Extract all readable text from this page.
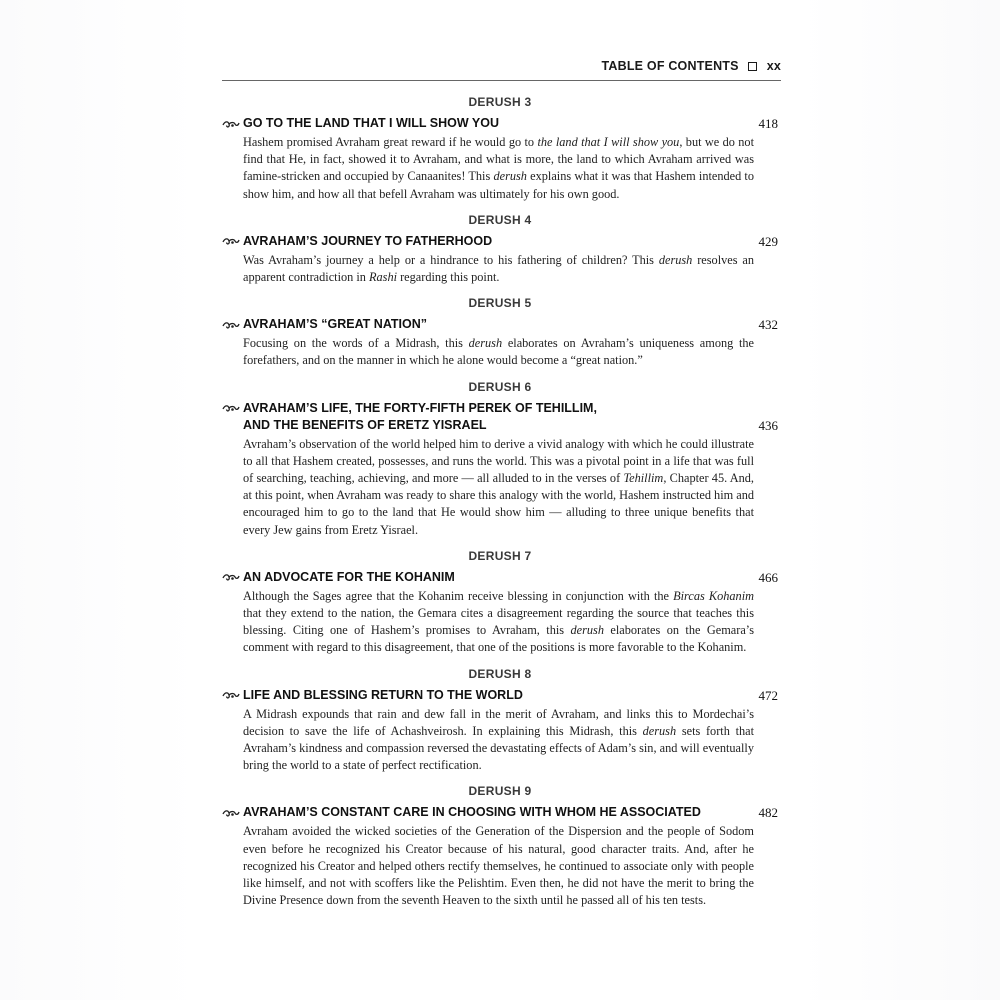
TABLE OF CONTENTS xx
DERUSH 3
GO TO THE LAND THAT I WILL SHOW YOU	418
Hashem promised Avraham great reward if he would go to the land that I will show you, but we do not find that He, in fact, showed it to Avraham, and what is more, the land to which Avraham arrived was famine-stricken and occupied by Canaanites! This derush explains what it was that Hashem intended to show him, and how all that befell Avraham was ultimately for his own good.
DERUSH 4
AVRAHAM’S JOURNEY TO FATHERHOOD	429
Was Avraham’s journey a help or a hindrance to his fathering of children? This derush resolves an apparent contradiction in Rashi regarding this point.
DERUSH 5
AVRAHAM’S “GREAT NATION”	432
Focusing on the words of a Midrash, this derush elaborates on Avraham’s uniqueness among the forefathers, and on the manner in which he alone would become a “great nation.”
DERUSH 6
AVRAHAM’S LIFE, THE FORTY-FIFTH PEREK OF TEHILLIM,
AND THE BENEFITS OF ERETZ YISRAEL	436
Avraham’s observation of the world helped him to derive a vivid analogy with which he could illustrate to all that Hashem created, possesses, and runs the world. This was a pivotal point in a life that was full of searching, teaching, achieving, and more — all alluded to in the verses of Tehillim, Chapter 45. And, at this point, when Avraham was ready to share this analogy with the world, Hashem instructed him and encouraged him to go to the land that He would show him — alluding to three unique benefits that every Jew gains from Eretz Yisrael.
DERUSH 7
AN ADVOCATE FOR THE KOHANIM	466
Although the Sages agree that the Kohanim receive blessing in conjunction with the Bircas Kohanim that they extend to the nation, the Gemara cites a disagreement regarding the source that teaches this blessing. Citing one of Hashem’s promises to Avraham, this derush elaborates on the Gemara’s comment with regard to this disagreement, that one of the positions is more favorable to the Kohanim.
DERUSH 8
LIFE AND BLESSING RETURN TO THE WORLD	472
A Midrash expounds that rain and dew fall in the merit of Avraham, and links this to Mordechai’s decision to save the life of Achashveirosh. In explaining this Midrash, this derush sets forth that Avraham’s kindness and compassion reversed the devastating effects of Adam’s sin, and will eventually bring the world to a state of perfect rectification.
DERUSH 9
AVRAHAM’S CONSTANT CARE IN CHOOSING WITH WHOM HE ASSOCIATED	482
Avraham avoided the wicked societies of the Generation of the Dispersion and the people of Sodom even before he recognized his Creator because of his natural, good character traits. And, after he recognized his Creator and helped others rectify themselves, he continued to associate only with people like himself, and not with scoffers like the Pelishtim. Even then, he did not have the merit to bring the Divine Presence down from the seventh Heaven to the sixth until he passed all of his ten tests.
